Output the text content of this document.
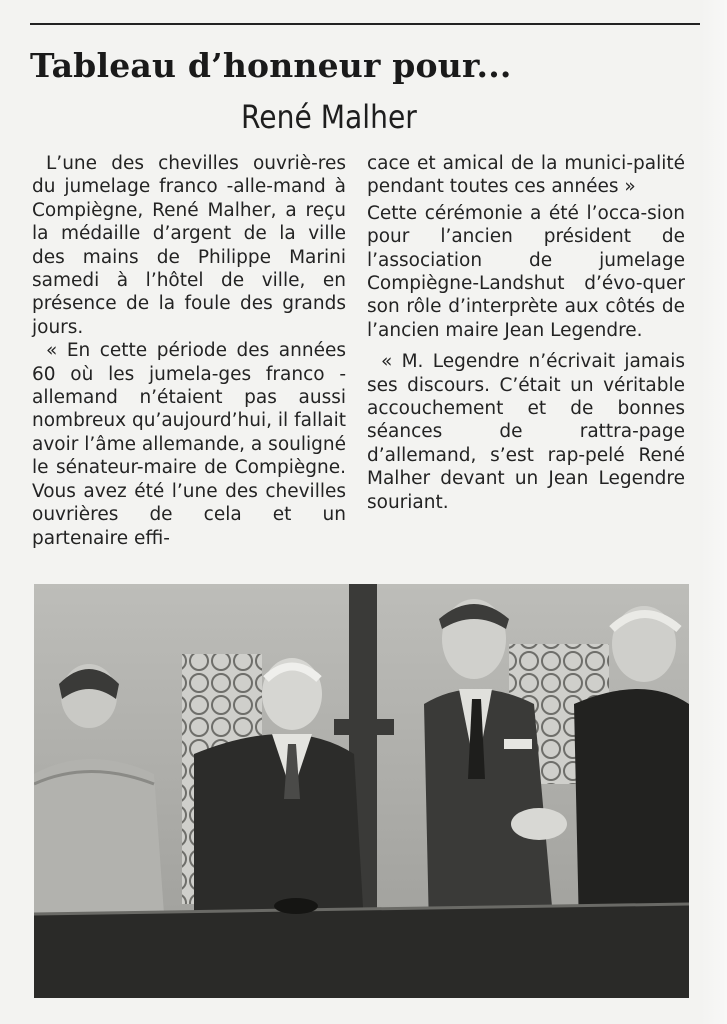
Tableau d’honneur pour...
René Malher

L’une des chevilles ouvriè-res du jumelage franco -alle-mand à Compiègne, René Malher, a reçu la médaille d’argent de la ville des mains de Philippe Marini samedi à l’hôtel de ville, en présence de la foule des grands jours.

« En cette période des années 60 où les jumela-ges franco -allemand n’étaient pas aussi nombreux qu’aujourd’hui, il fallait avoir l’âme allemande, a souligné le sénateur-maire de Compiègne. Vous avez été l’une des chevilles ouvrières de cela et un partenaire effi-

cace et amical de la munici-palité pendant toutes ces années »

Cette cérémonie a été l’occa-sion pour l’ancien président de l’association de jumelage Compiègne-Landshut d’évo-quer son rôle d’interprète aux côtés de l’ancien maire Jean Legendre.

« M. Legendre n’écrivait jamais ses discours. C’était un véritable accouchement et de bonnes séances de rattra-page d’allemand, s’est rap-pelé René Malher devant un Jean Legendre souriant.
